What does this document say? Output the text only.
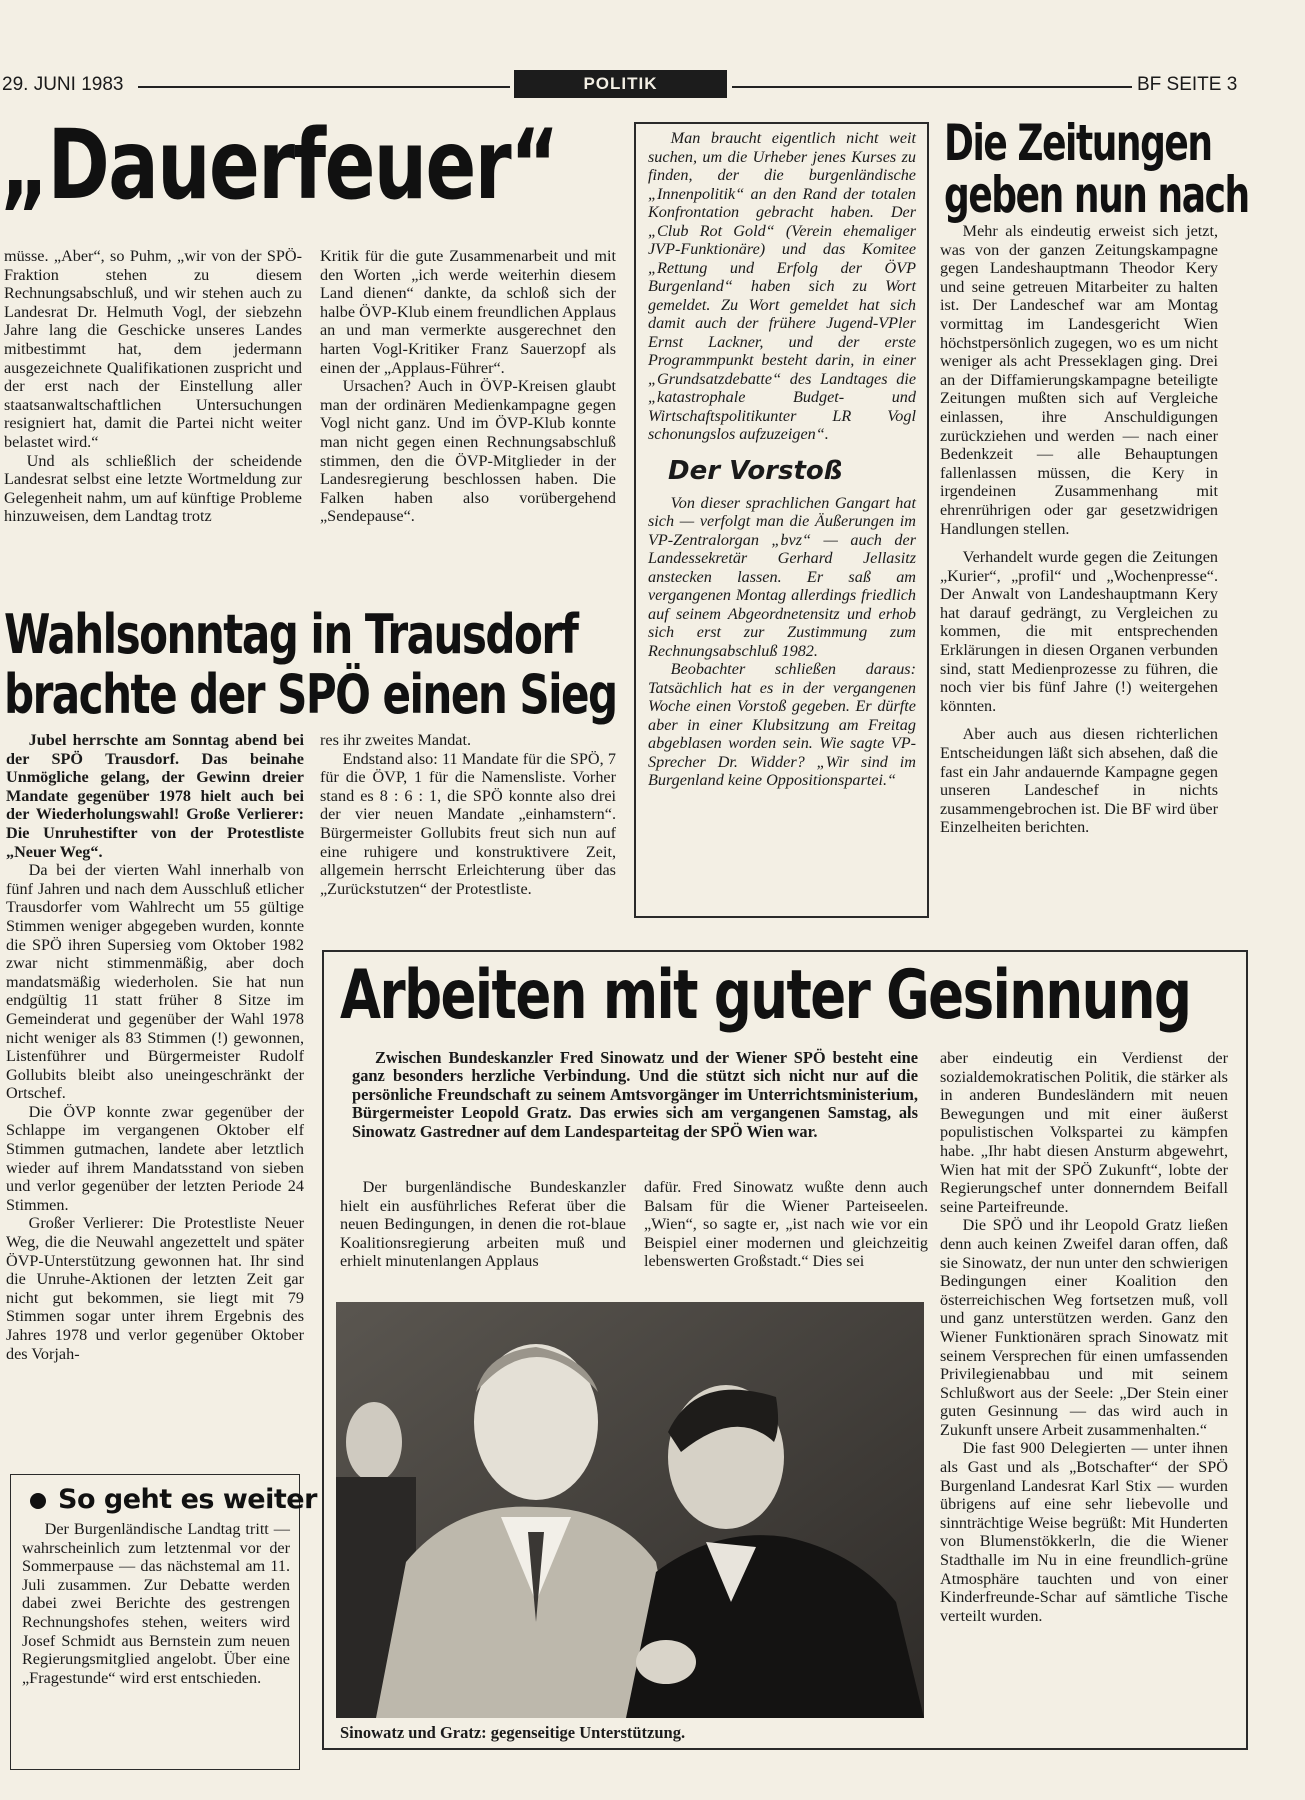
29. JUNI 1983	POLITIK	BF SEITE 3
„Dauerfeuer“

müsse. „Aber“, so Puhm, „wir von der SPÖ-Fraktion stehen zu diesem Rechnungsabschluß, und wir stehen auch zu Landesrat Dr. Helmuth Vogl, der siebzehn Jahre lang die Geschicke unseres Landes mitbestimmt hat, dem jedermann ausgezeichnete Qualifikationen zuspricht und der erst nach der Einstellung aller staatsanwaltschaftlichen Untersuchungen resigniert hat, damit die Partei nicht weiter belastet wird.“

Und als schließlich der scheidende Landesrat selbst eine letzte Wortmeldung zur Gelegenheit nahm, um auf künftige Probleme hinzuweisen, dem Landtag trotz

Kritik für die gute Zusammenarbeit und mit den Worten „ich werde weiterhin diesem Land dienen“ dankte, da schloß sich der halbe ÖVP-Klub einem freundlichen Applaus an und man vermerkte ausgerechnet den harten Vogl-Kritiker Franz Sauerzopf als einen der „Applaus-Führer“.

Ursachen? Auch in ÖVP-Kreisen glaubt man der ordinären Medienkampagne gegen Vogl nicht ganz. Und im ÖVP-Klub konnte man nicht gegen einen Rechnungsabschluß stimmen, den die ÖVP-Mitglieder in der Landesregierung beschlossen haben. Die Falken haben also vorübergehend „Sendepause“.

Man braucht eigentlich nicht weit suchen, um die Urheber jenes Kurses zu finden, der die burgenländische „Innenpolitik“ an den Rand der totalen Konfrontation gebracht haben. Der „Club Rot Gold“ (Verein ehemaliger JVP-Funktionäre) und das Komitee „Rettung und Erfolg der ÖVP Burgenland“ haben sich zu Wort gemeldet. Zu Wort gemeldet hat sich damit auch der frühere Jugend-VPler Ernst Lackner, und der erste Programmpunkt besteht darin, in einer „Grundsatzdebatte“ des Landtages die „katastrophale Budget- und Wirtschaftspolitikunter LR Vogl schonungslos aufzuzeigen“.

Der Vorstoß

Von dieser sprachlichen Gangart hat sich — verfolgt man die Äußerungen im VP-Zentralorgan „bvz“ — auch der Landessekretär Gerhard Jellasitz anstecken lassen. Er saß am vergangenen Montag allerdings friedlich auf seinem Abgeordnetensitz und erhob sich erst zur Zustimmung zum Rechnungsabschluß 1982.

Beobachter schließen daraus: Tatsächlich hat es in der vergangenen Woche einen Vorstoß gegeben. Er dürfte aber in einer Klubsitzung am Freitag abgeblasen worden sein. Wie sagte VP-Sprecher Dr. Widder? „Wir sind im Burgenland keine Oppositionspartei.“

Die Zeitungen
geben nun nach

Mehr als eindeutig erweist sich jetzt, was von der ganzen Zeitungskampagne gegen Landeshauptmann Theodor Kery und seine getreuen Mitarbeiter zu halten ist. Der Landeschef war am Montag vormittag im Landesgericht Wien höchstpersönlich zugegen, wo es um nicht weniger als acht Presseklagen ging. Drei an der Diffamierungskampagne beteiligte Zeitungen mußten sich auf Vergleiche einlassen, ihre Anschuldigungen zurückziehen und werden — nach einer Bedenkzeit — alle Behauptungen fallenlassen müssen, die Kery in irgendeinen Zusammenhang mit ehrenrührigen oder gar gesetzwidrigen Handlungen stellen.

Verhandelt wurde gegen die Zeitungen „Kurier“, „profil“ und „Wochenpresse“. Der Anwalt von Landeshauptmann Kery hat darauf gedrängt, zu Vergleichen zu kommen, die mit entsprechenden Erklärungen in diesen Organen verbunden sind, statt Medienprozesse zu führen, die noch vier bis fünf Jahre (!) weitergehen könnten.

Aber auch aus diesen richterlichen Entscheidungen läßt sich absehen, daß die fast ein Jahr andauernde Kampagne gegen unseren Landeschef in nichts zusammengebrochen ist. Die BF wird über Einzelheiten berichten.

Wahlsonntag in Trausdorf
brachte der SPÖ einen Sieg

Jubel herrschte am Sonntag abend bei der SPÖ Trausdorf. Das beinahe Unmögliche gelang, der Gewinn dreier Mandate gegenüber 1978 hielt auch bei der Wiederholungswahl! Große Verlierer: Die Unruhestifter von der Protestliste „Neuer Weg“.

Da bei der vierten Wahl innerhalb von fünf Jahren und nach dem Ausschluß etlicher Trausdorfer vom Wahlrecht um 55 gültige Stimmen weniger abgegeben wurden, konnte die SPÖ ihren Supersieg vom Oktober 1982 zwar nicht stimmenmäßig, aber doch mandatsmäßig wiederholen. Sie hat nun endgültig 11 statt früher 8 Sitze im Gemeinderat und gegenüber der Wahl 1978 nicht weniger als 83 Stimmen (!) gewonnen, Listenführer und Bürgermeister Rudolf Gollubits bleibt also uneingeschränkt der Ortschef.

Die ÖVP konnte zwar gegenüber der Schlappe im vergangenen Oktober elf Stimmen gutmachen, landete aber letztlich wieder auf ihrem Mandatsstand von sieben und verlor gegenüber der letzten Periode 24 Stimmen.

Großer Verlierer: Die Protestliste Neuer Weg, die die Neuwahl angezettelt und später ÖVP-Unterstützung gewonnen hat. Ihr sind die Unruhe-Aktionen der letzten Zeit gar nicht gut bekommen, sie liegt mit 79 Stimmen sogar unter ihrem Ergebnis des Jahres 1978 und verlor gegenüber Oktober des Vorjah-

res ihr zweites Mandat.

Endstand also: 11 Mandate für die SPÖ, 7 für die ÖVP, 1 für die Namensliste. Vorher stand es 8 : 6 : 1, die SPÖ konnte also drei der vier neuen Mandate „einhamstern“. Bürgermeister Gollubits freut sich nun auf eine ruhigere und konstruktivere Zeit, allgemein herrscht Erleichterung über das „Zurückstutzen“ der Protestliste.

So geht es weiter

Der Burgenländische Landtag tritt — wahrscheinlich zum letztenmal vor der Sommerpause — das nächstemal am 11. Juli zusammen. Zur Debatte werden dabei zwei Berichte des gestrengen Rechnungshofes stehen, weiters wird Josef Schmidt aus Bernstein zum neuen Regierungsmitglied angelobt. Über eine „Fragestunde“ wird erst entschieden.

Arbeiten mit guter Gesinnung

Zwischen Bundeskanzler Fred Sinowatz und der Wiener SPÖ besteht eine ganz besonders herzliche Verbindung. Und die stützt sich nicht nur auf die persönliche Freundschaft zu seinem Amtsvorgänger im Unterrichtsministerium, Bürgermeister Leopold Gratz. Das erwies sich am vergangenen Samstag, als Sinowatz Gastredner auf dem Landesparteitag der SPÖ Wien war.

Der burgenländische Bundeskanzler hielt ein ausführliches Referat über die neuen Bedingungen, in denen die rot-blaue Koalitionsregierung arbeiten muß und erhielt minutenlangen Applaus

dafür. Fred Sinowatz wußte denn auch Balsam für die Wiener Parteiseelen. „Wien“, so sagte er, „ist nach wie vor ein Beispiel einer modernen und gleichzeitig lebenswerten Großstadt.“ Dies sei

aber eindeutig ein Verdienst der sozialdemokratischen Politik, die stärker als in anderen Bundesländern mit neuen Bewegungen und mit einer äußerst populistischen Volkspartei zu kämpfen habe. „Ihr habt diesen Ansturm abgewehrt, Wien hat mit der SPÖ Zukunft“, lobte der Regierungschef unter donnerndem Beifall seine Parteifreunde.

Die SPÖ und ihr Leopold Gratz ließen denn auch keinen Zweifel daran offen, daß sie Sinowatz, der nun unter den schwierigen Bedingungen einer Koalition den österreichischen Weg fortsetzen muß, voll und ganz unterstützen werden. Ganz den Wiener Funktionären sprach Sinowatz mit seinem Versprechen für einen umfassenden Privilegienabbau und mit seinem Schlußwort aus der Seele: „Der Stein einer guten Gesinnung — das wird auch in Zukunft unsere Arbeit zusammenhalten.“

Die fast 900 Delegierten — unter ihnen als Gast und als „Botschafter“ der SPÖ Burgenland Landesrat Karl Stix — wurden übrigens auf eine sehr liebevolle und sinnträchtige Weise begrüßt: Mit Hunderten von Blumenstökkerln, die die Wiener Stadthalle im Nu in eine freundlich-grüne Atmosphäre tauchten und von einer Kinderfreunde-Schar auf sämtliche Tische verteilt wurden.

Sinowatz und Gratz: gegenseitige Unterstützung.
